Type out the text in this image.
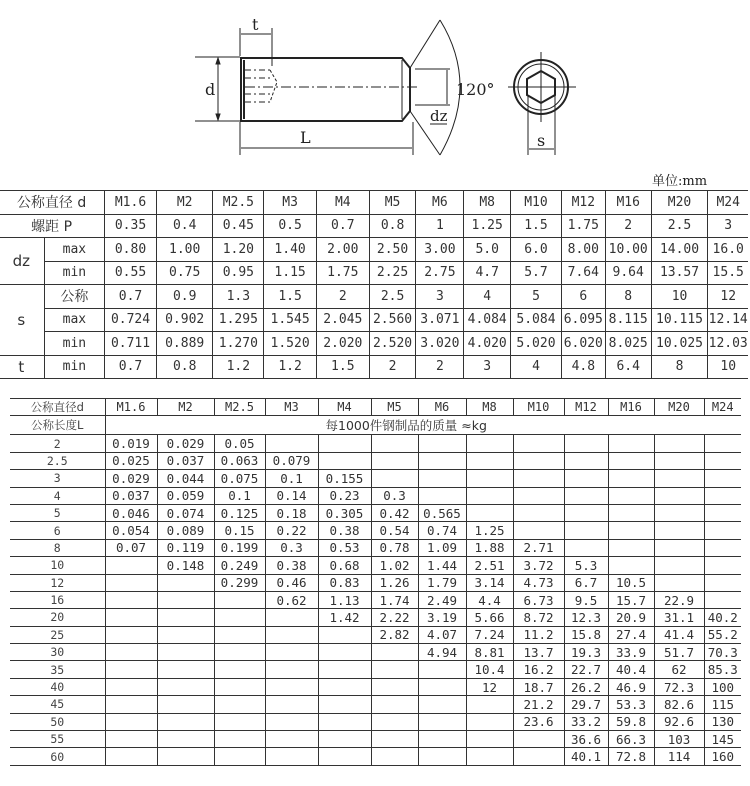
t
d
L
dz
120°
s
单位:mm
公称直径 d		M1.6	M2	M2.5	M3	M4	M5	M6	M8	M10	M12	M16	M20	M24
螺距 P		0.35	0.4	0.45	0.5	0.7	0.8	1	1.25	1.5	1.75	2	2.5	3
dz	max	0.80	1.00	1.20	1.40	2.00	2.50	3.00	5.0	6.0	8.00	10.00	14.00	16.0
	min	0.55	0.75	0.95	1.15	1.75	2.25	2.75	4.7	5.7	7.64	9.64	13.57	15.5
s	公称	0.7	0.9	1.3	1.5	2	2.5	3	4	5	6	8	10	12
	max	0.724	0.902	1.295	1.545	2.045	2.560	3.071	4.084	5.084	6.095	8.115	10.115	12.14
	min	0.711	0.889	1.270	1.520	2.020	2.520	3.020	4.020	5.020	6.020	8.025	10.025	12.03
t	min	0.7	0.8	1.2	1.2	1.5	2	2	3	4	4.8	6.4	8	10
公称直径d	M1.6	M2	M2.5	M3	M4	M5	M6	M8	M10	M12	M16	M20	M24
公称长度L	每1000件钢制品的质量 ≈kg												
2	0.019	0.029	0.05										
2.5	0.025	0.037	0.063	0.079									
3	0.029	0.044	0.075	0.1	0.155								
4	0.037	0.059	0.1	0.14	0.23	0.3							
5	0.046	0.074	0.125	0.18	0.305	0.42	0.565						
6	0.054	0.089	0.15	0.22	0.38	0.54	0.74	1.25					
8	0.07	0.119	0.199	0.3	0.53	0.78	1.09	1.88	2.71				
10		0.148	0.249	0.38	0.68	1.02	1.44	2.51	3.72	5.3			
12			0.299	0.46	0.83	1.26	1.79	3.14	4.73	6.7	10.5		
16				0.62	1.13	1.74	2.49	4.4	6.73	9.5	15.7	22.9	
20					1.42	2.22	3.19	5.66	8.72	12.3	20.9	31.1	40.2
25						2.82	4.07	7.24	11.2	15.8	27.4	41.4	55.2
30							4.94	8.81	13.7	19.3	33.9	51.7	70.3
35								10.4	16.2	22.7	40.4	62	85.3
40								12	18.7	26.2	46.9	72.3	100
45									21.2	29.7	53.3	82.6	115
50									23.6	33.2	59.8	92.6	130
55										36.6	66.3	103	145
60										40.1	72.8	114	160
